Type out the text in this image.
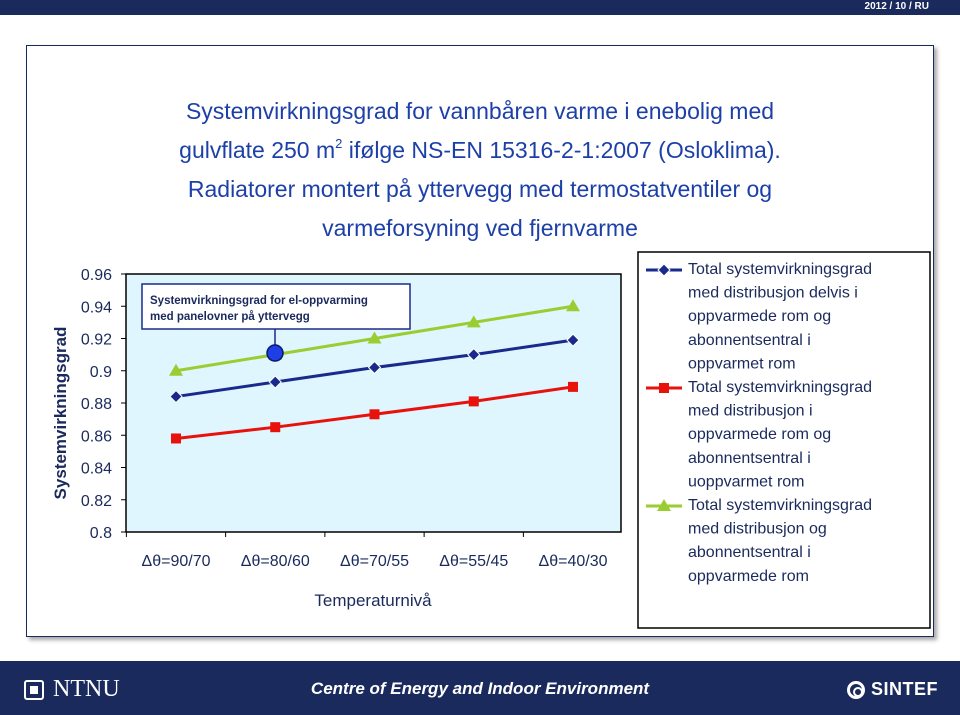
2012 / 10 / RU
Systemvirkningsgrad for vannbåren varme i enebolig med
gulvflate 250 $m^2$ ifølge NS-EN 15316-2-1:2007 (Osloklima).
Radiatorer montert på yttervegg med termostatventiler og
varmeforsyning ved fjernvarme
Systemvirkningsgrad
Temperaturnivå
0.96
0.94
0.92
0.9
0.88
0.86
0.84
0.82
0.8
Δθ=90/70 Δθ=80/60 Δθ=70/55 Δθ=55/45 Δθ=40/30
Systemvirkningsgrad for el-oppvarming
med panelovner på yttervegg
Total systemvirkningsgrad
med distribusjon delvis i
oppvarmede rom og
abonnentsentral i
oppvarmet rom
Total systemvirkningsgrad
med distribusjon i
oppvarmede rom og
abonnentsentral i
uoppvarmet rom
Total systemvirkningsgrad
med distribusjon og
abonnentsentral i
oppvarmede rom
NTNU	Centre of Energy and Indoor Environment	SINTEF
